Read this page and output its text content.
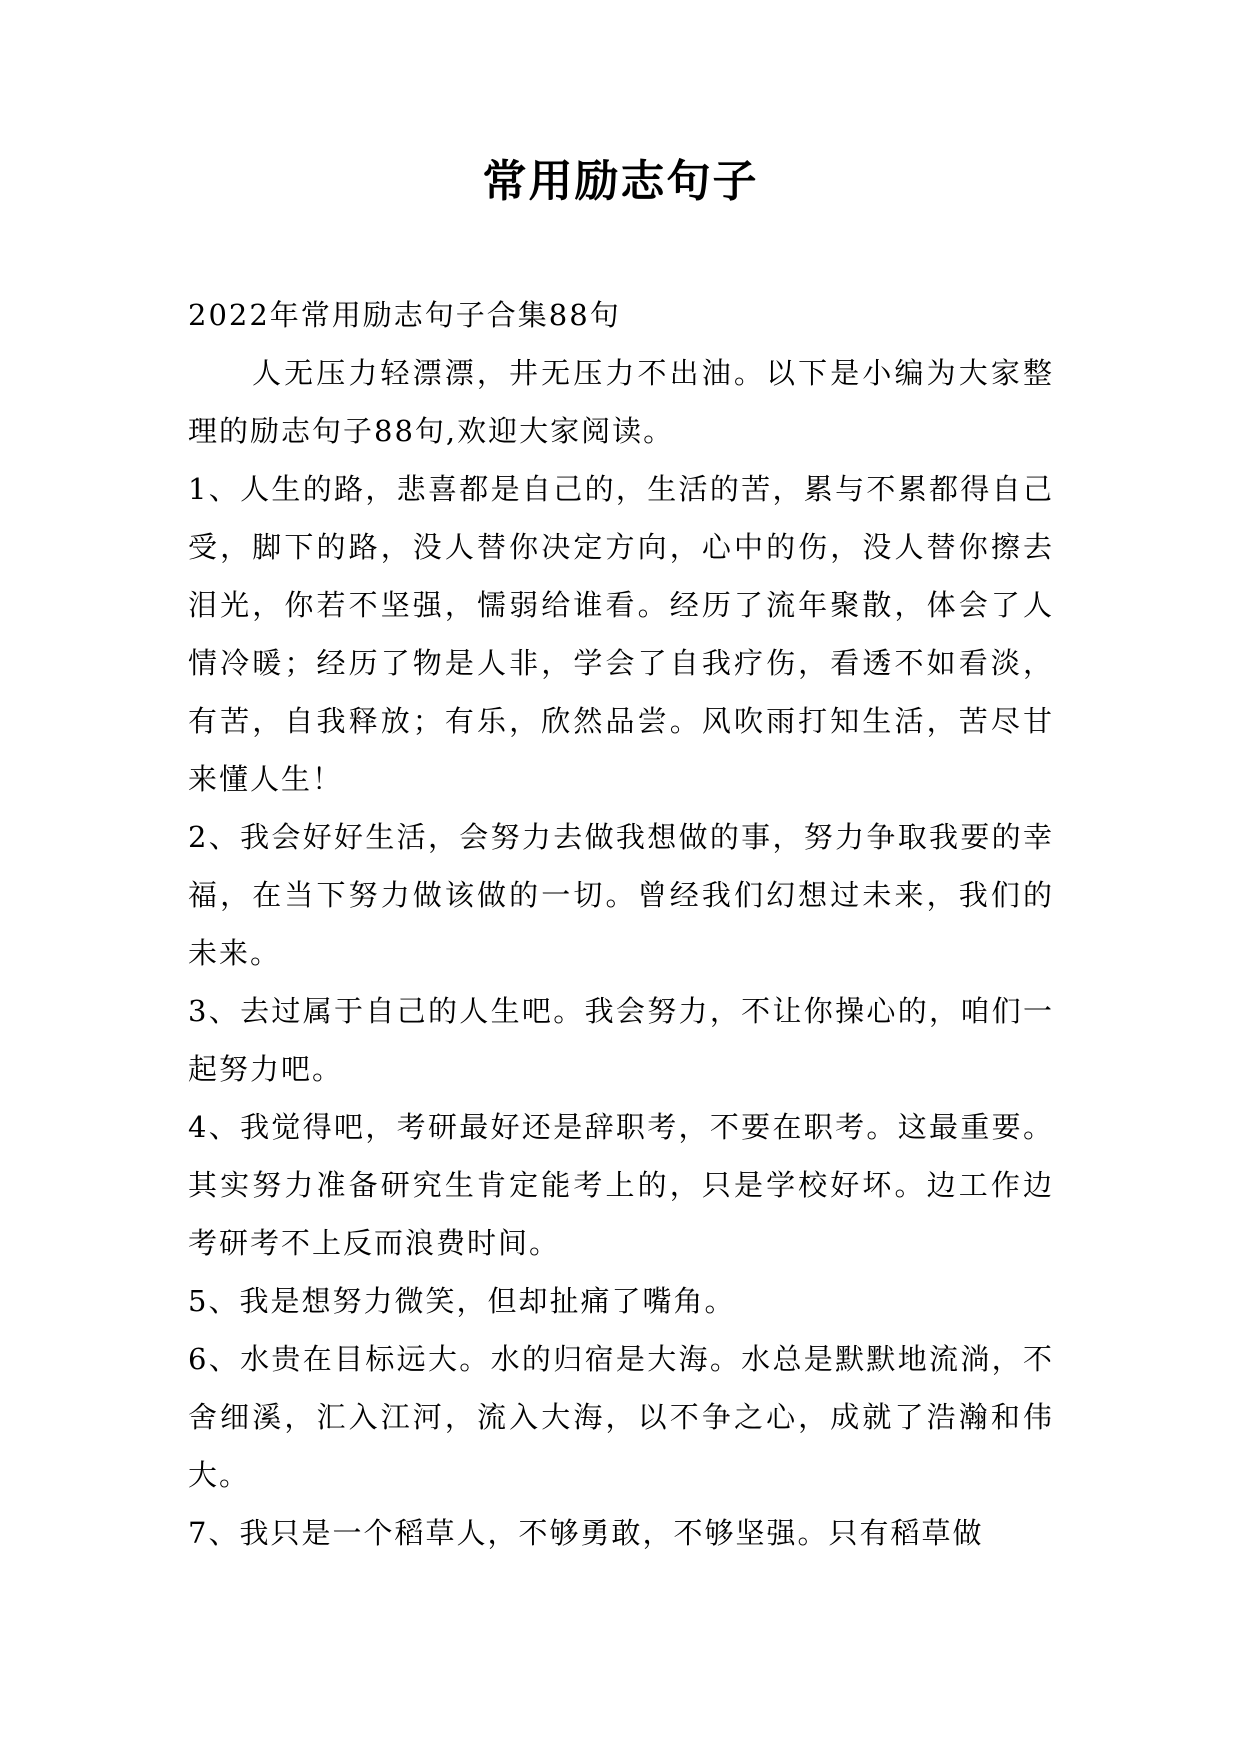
常用励志句子

2022年常用励志句子合集88句

人无压力轻漂漂，井无压力不出油。以下是小编为大家整理的励志句子88句,欢迎大家阅读。

1、人生的路，悲喜都是自己的，生活的苦，累与不累都得自己受，脚下的路，没人替你决定方向，心中的伤，没人替你擦去泪光，你若不坚强，懦弱给谁看。经历了流年聚散，体会了人情冷暖；经历了物是人非，学会了自我疗伤，看透不如看淡，有苦，自我释放；有乐，欣然品尝。风吹雨打知生活，苦尽甘来懂人生！

2、我会好好生活，会努力去做我想做的事，努力争取我要的幸福，在当下努力做该做的一切。曾经我们幻想过未来，我们的未来。

3、去过属于自己的人生吧。我会努力，不让你操心的，咱们一起努力吧。

4、我觉得吧，考研最好还是辞职考，不要在职考。这最重要。其实努力准备研究生肯定能考上的，只是学校好坏。边工作边考研考不上反而浪费时间。

5、我是想努力微笑，但却扯痛了嘴角。

6、水贵在目标远大。水的归宿是大海。水总是默默地流淌，不舍细溪，汇入江河，流入大海，以不争之心，成就了浩瀚和伟大。

7、我只是一个稻草人，不够勇敢，不够坚强。只有稻草做
